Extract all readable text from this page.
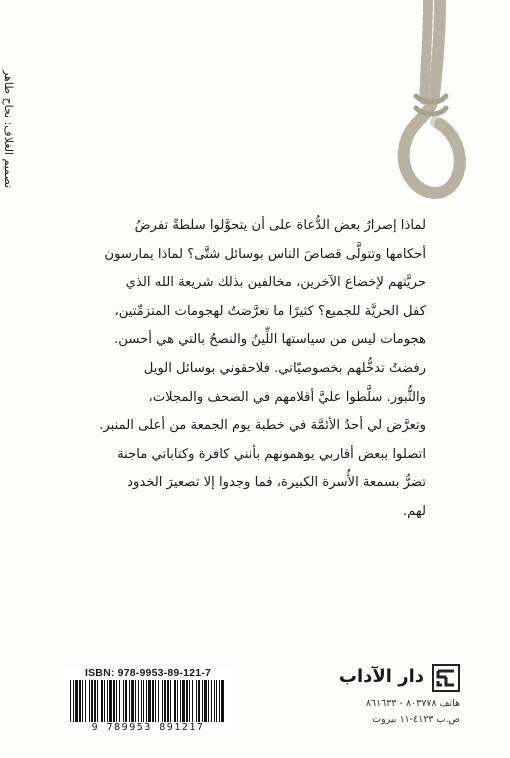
تصميم الغلاف: نجاح طاهر

لماذا إصرارُ بعض الدُّعاة على أن يتحوَّلوا سلطةً تفرضُ

أحكامها وتتولَّى قصاصَ الناس بوسائل شتَّى؟ لماذا يمارسون

حريَّتهم لإخضاع الآخرين، مخالفين بذلك شريعة الله الذي

كفل الحريَّة للجميع؟ كثيرًا ما تعرَّضتُ لهجومات المتزمِّتين،

هجومات ليس من سياستها اللِّينُ والنصحُ بالتي هي أحسن.

رفضتُ تدخُّلهم بخصوصيّاتي. فلاحقوني بوسائل الويل

والثُّبور. سلَّطوا عليَّ أقلامهم في الصحف والمجلات،

وتعرَّض لي أحدُ الأئمَّة في خطبة يوم الجمعة من أعلى المنبر.

اتصلوا ببعض أقاربي يوهمونهم بأنني كافرة وكتاباتي ماجنة

تضرُّ بسمعة الأُسرة الكبيرة، فما وجدوا إلا تصعيرَ الخدود

لهم.

ISBN: 978-9953-89-121-7
9 789953 891217
دار الآداب
هاتف ٨٠٣٧٧٨ - ٨٦١٦٣٣
ص.ب ٤١٢٣-١١ بيروت
